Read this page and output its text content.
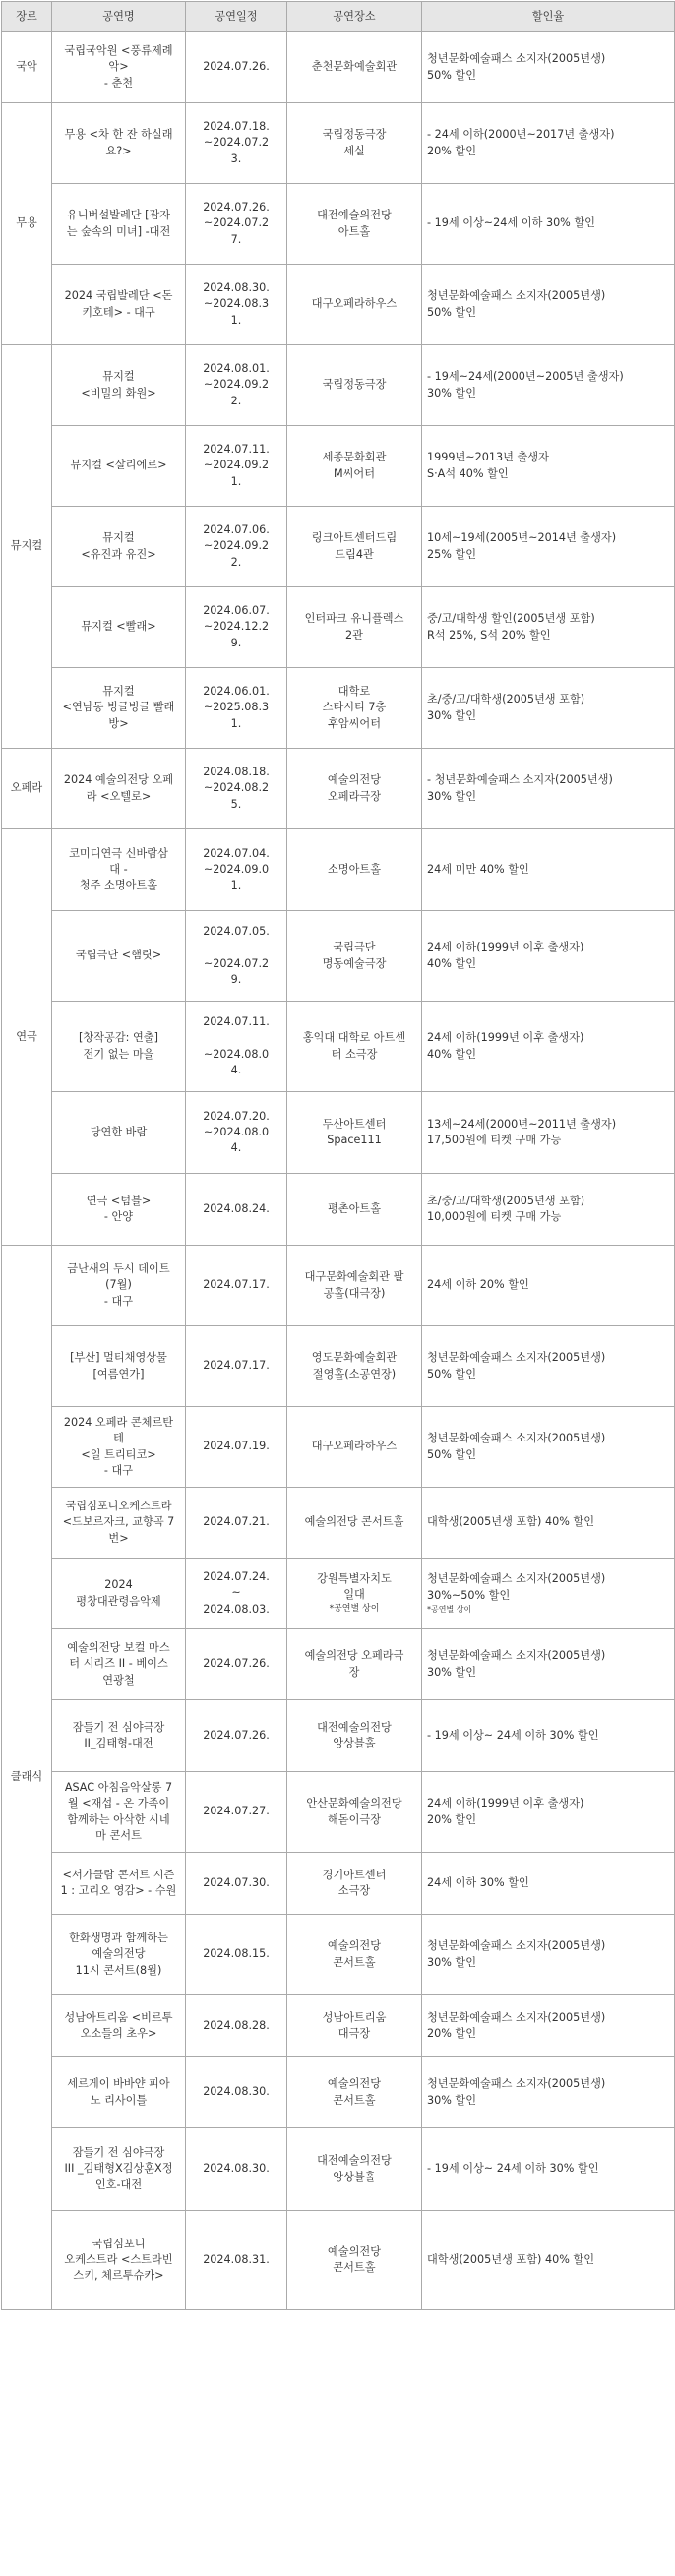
장르	공연명	공연일정	공연장소	할인율
국악	국립국악원 <풍류제례
악>
- 춘천	2024.07.26.	춘천문화예술회관	청년문화예술패스 소지자(2005년생)
50% 할인

무용	무용 <차 한 잔 하실래
요?>	2024.07.18.
~2024.07.2
3.	국립정동극장
세실	- 24세 이하(2000년~2017년 출생자)
20% 할인

	유니버설발레단 [잠자
는 숲속의 미녀] -대전	2024.07.26.
~2024.07.2
7.	대전예술의전당
아트홀	- 19세 이상~24세 이하 30% 할인

	2024 국립발레단 <돈
키호테> - 대구	2024.08.30.
~2024.08.3
1.	대구오페라하우스	청년문화예술패스 소지자(2005년생)
50% 할인

뮤지컬	뮤지컬
<비밀의 화원>	2024.08.01.
~2024.09.2
2.	국립정동극장	- 19세~24세(2000년~2005년 출생자)
30% 할인

	뮤지컬 <살리에르>	2024.07.11.
~2024.09.2
1.	세종문화회관
M씨어터	1999년~2013년 출생자
S·A석 40% 할인

	뮤지컬
<유진과 유진>	2024.07.06.
~2024.09.2
2.	링크아트센터드림
드림4관	10세~19세(2005년~2014년 출생자)
25% 할인

	뮤지컬 <빨래>	2024.06.07.
~2024.12.2
9.	인터파크 유니플렉스
2관	중/고/대학생 할인(2005년생 포함)
R석 25%, S석 20% 할인

	뮤지컬
<연남동 빙글빙글 빨래
방>	2024.06.01.
~2025.08.3
1.	대학로
스타시티 7층
후암씨어터	초/중/고/대학생(2005년생 포함)
30% 할인

오페라	2024 예술의전당 오페
라 <오텔로>	2024.08.18.
~2024.08.2
5.	예술의전당
오페라극장	- 청년문화예술패스 소지자(2005년생)
30% 할인

연극	코미디연극 신바람삼
대 -
청주 소명아트홀	2024.07.04.
~2024.09.0
1.	소명아트홀	24세 미만 40% 할인

	국립극단 <햄릿>	2024.07.05.

~2024.07.2
9.	국립극단
명동예술극장	24세 이하(1999년 이후 출생자)
40% 할인

	[창작공감: 연출]
전기 없는 마을	2024.07.11.

~2024.08.0
4.	홍익대 대학로 아트센
터 소극장	24세 이하(1999년 이후 출생자)
40% 할인

	당연한 바람	2024.07.20.
~2024.08.0
4.	두산아트센터
Space111	13세~24세(2000년~2011년 출생자)
17,500원에 티켓 구매 가능

	연극 <텀블>
- 안양	2024.08.24.	평촌아트홀	초/중/고/대학생(2005년생 포함)
10,000원에 티켓 구매 가능

클래식	금난새의 두시 데이트
(7월)
- 대구	2024.07.17.	대구문화예술회관 팔
공홀(대극장)	24세 이하 20% 할인

	[부산] 멀티채영상물
[여름연가]	2024.07.17.	영도문화예술회관
절영홀(소공연장)	청년문화예술패스 소지자(2005년생)
50% 할인

	2024 오페라 콘체르탄
테
<일 트리티코>
- 대구	2024.07.19.	대구오페라하우스	청년문화예술패스 소지자(2005년생)
50% 할인

	국립심포니오케스트라
<드보르자크, 교향곡 7
번>	2024.07.21.	예술의전당 콘서트홀	대학생(2005년생 포함) 40% 할인

	2024
평창대관령음악제	2024.07.24.
~
2024.08.03.	강원특별자치도
일대
*공연별 상이	청년문화예술패스 소지자(2005년생)
30%~50% 할인
*공연별 상이

	예술의전당 보컬 마스
터 시리즈 II - 베이스
연광철	2024.07.26.	예술의전당 오페라극
장	청년문화예술패스 소지자(2005년생)
30% 할인

	잠들기 전 심야극장
II_김태형-대전	2024.07.26.	대전예술의전당
앙상블홀	- 19세 이상~ 24세 이하 30% 할인

	ASAC 아침음악살롱 7
월 <재섭 - 온 가족이
함께하는 아삭한 시네
마 콘서트	2024.07.27.	안산문화예술의전당
해돋이극장	24세 이하(1999년 이후 출생자)
20% 할인

	<서가클람 콘서트 시즌
1 : 고리오 영감> - 수원	2024.07.30.	경기아트센터
소극장	24세 이하 30% 할인

	한화생명과 함께하는
예술의전당
11시 콘서트(8월)	2024.08.15.	예술의전당
콘서트홀	청년문화예술패스 소지자(2005년생)
30% 할인

	성남아트리움 <비르투
오소들의 초우>	2024.08.28.	성남아트리움
대극장	청년문화예술패스 소지자(2005년생)
20% 할인

	세르게이 바바얀 피아
노 리사이틀	2024.08.30.	예술의전당
콘서트홀	청년문화예술패스 소지자(2005년생)
30% 할인

	잠들기 전 심야극장
III _김태형X김상훈X정
인호-대전	2024.08.30.	대전예술의전당
앙상블홀	- 19세 이상~ 24세 이하 30% 할인

	국립심포니
오케스트라 <스트라빈
스키, 체르투슈카>	2024.08.31.	예술의전당
콘서트홀	대학생(2005년생 포함) 40% 할인
